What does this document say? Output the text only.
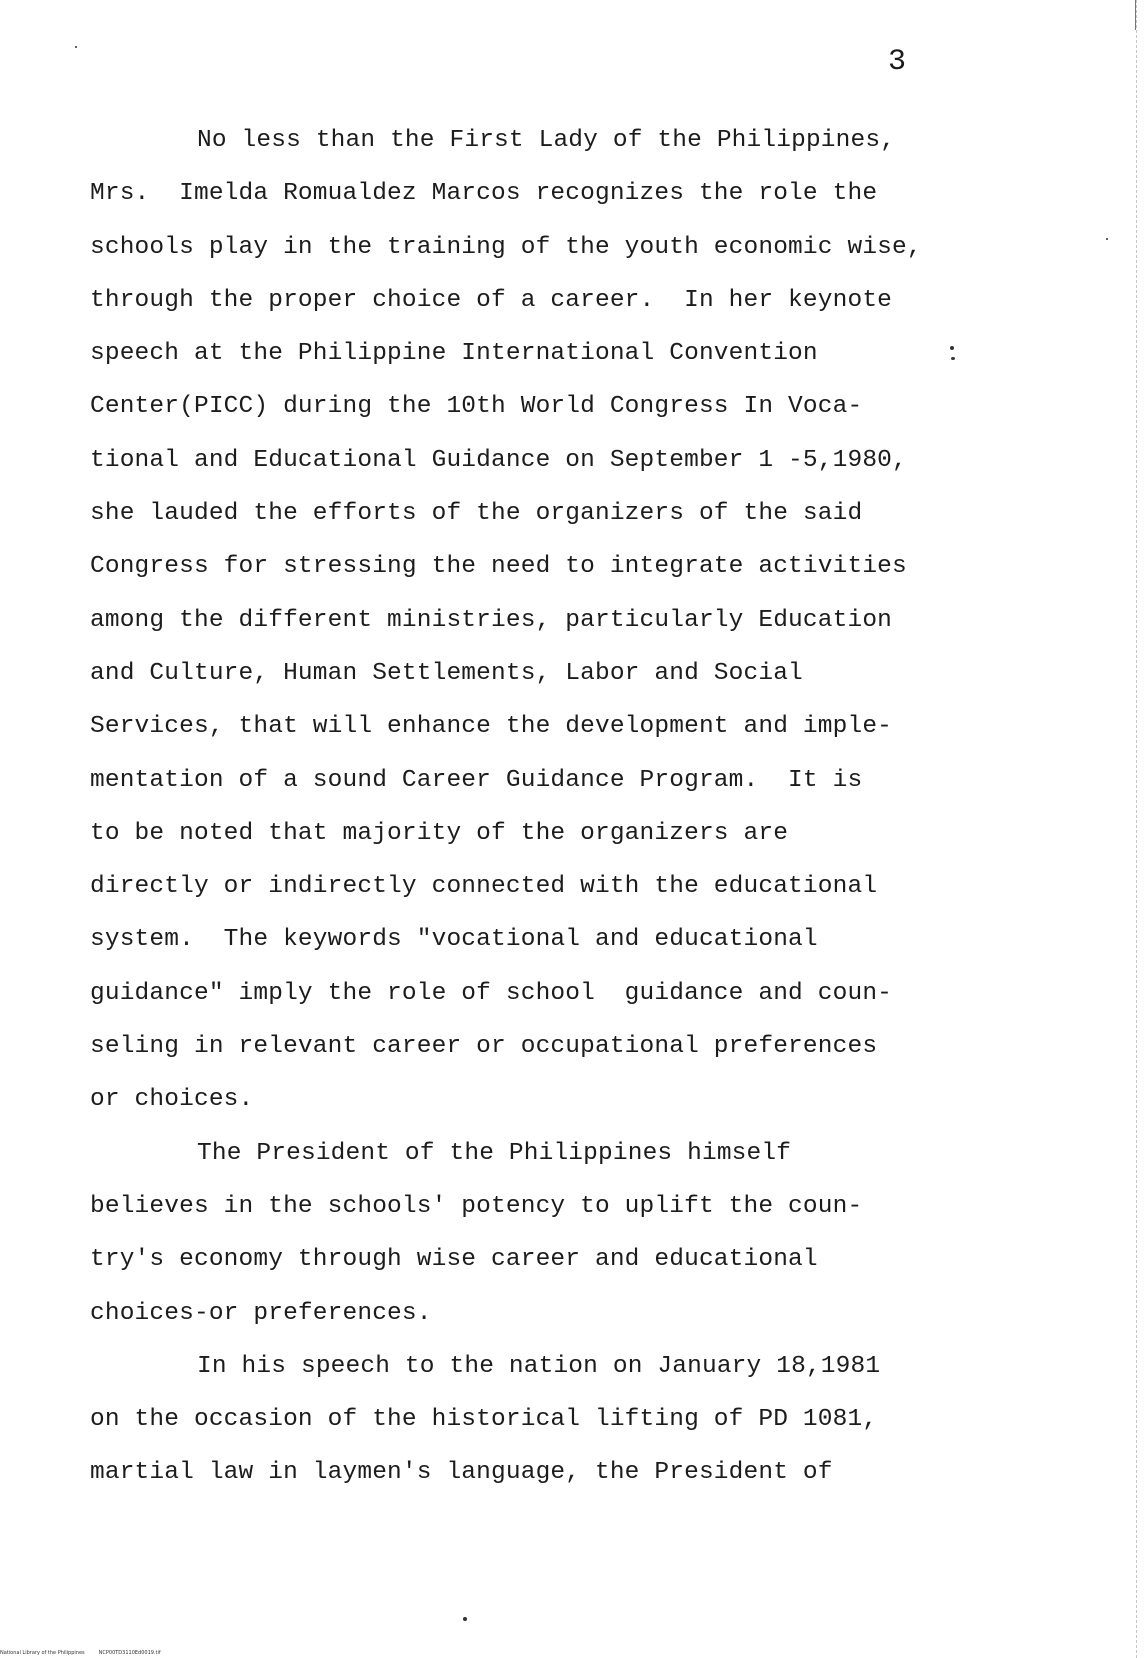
3
No less than the First Lady of the Philippines,
Mrs.  Imelda Romualdez Marcos recognizes the role the
schools play in the training of the youth economic wise,
through the proper choice of a career.  In her keynote
speech at the Philippine International Convention
Center(PICC) during the 10th World Congress In Voca-
tional and Educational Guidance on September 1 -5,1980,
she lauded the efforts of the organizers of the said
Congress for stressing the need to integrate activities
among the different ministries, particularly Education
and Culture, Human Settlements, Labor and Social
Services, that will enhance the development and imple-
mentation of a sound Career Guidance Program.  It is
to be noted that majority of the organizers are
directly or indirectly connected with the educational
system.  The keywords "vocational and educational
guidance" imply the role of school  guidance and coun-
seling in relevant career or occupational preferences
or choices.
The President of the Philippines himself
believes in the schools' potency to uplift the coun-
try's economy through wise career and educational
choices-or preferences.
In his speech to the nation on January 18,1981
on the occasion of the historical lifting of PD 1081,
martial law in laymen's language, the President of
National Library of the Philippines	NCP00TD3110Ed0019.tif
